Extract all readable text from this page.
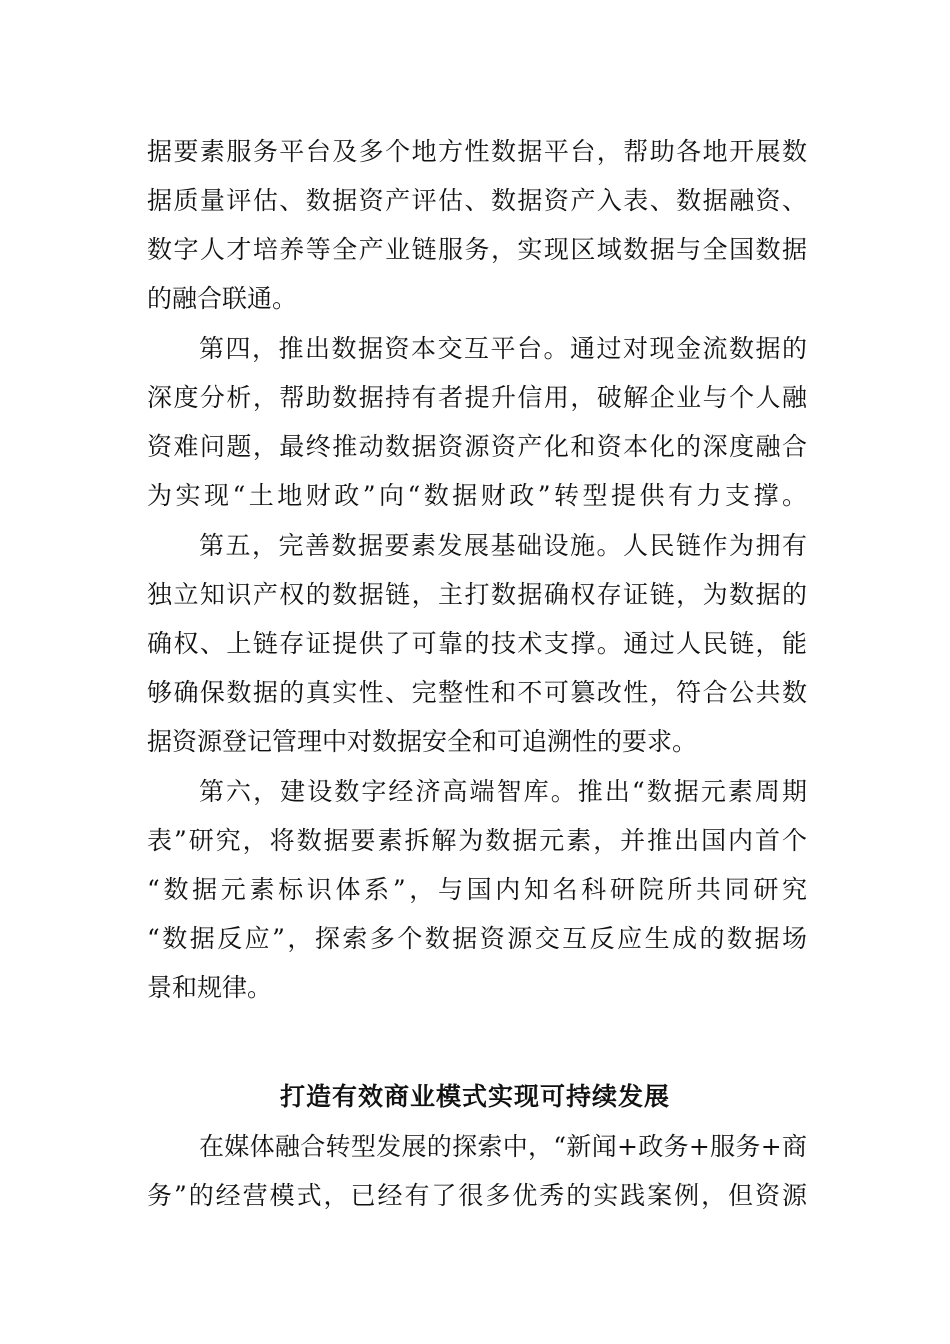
据要素服务平台及多个地方性数据平台，帮助各地开展数
据质量评估、数据资产评估、数据资产入表、数据融资、
数字人才培养等全产业链服务，实现区域数据与全国数据
的融合联通。
第四，推出数据资本交互平台。通过对现金流数据的
深度分析，帮助数据持有者提升信用，破解企业与个人融
资难问题，最终推动数据资源资产化和资本化的深度融合
为实现“土地财政”向“数据财政”转型提供有力支撑。
第五，完善数据要素发展基础设施。人民链作为拥有
独立知识产权的数据链，主打数据确权存证链，为数据的
确权、上链存证提供了可靠的技术支撑。通过人民链，能
够确保数据的真实性、完整性和不可篡改性，符合公共数
据资源登记管理中对数据安全和可追溯性的要求。
第六，建设数字经济高端智库。推出“数据元素周期
表”研究，将数据要素拆解为数据元素，并推出国内首个
“数据元素标识体系”，与国内知名科研院所共同研究
“数据反应”，探索多个数据资源交互反应生成的数据场
景和规律。
打造有效商业模式实现可持续发展
在媒体融合转型发展的探索中，“新闻+政务+服务+商
务”的经营模式，已经有了很多优秀的实践案例，但资源
